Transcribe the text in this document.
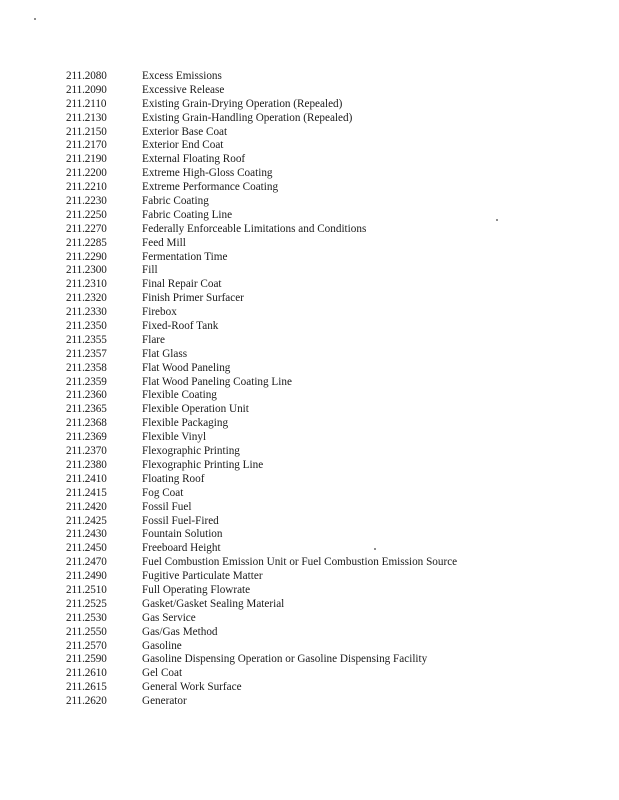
211.2080	Excess Emissions
211.2090	Excessive Release
211.2110	Existing Grain-Drying Operation (Repealed)
211.2130	Existing Grain-Handling Operation (Repealed)
211.2150	Exterior Base Coat
211.2170	Exterior End Coat
211.2190	External Floating Roof
211.2200	Extreme High-Gloss Coating
211.2210	Extreme Performance Coating
211.2230	Fabric Coating
211.2250	Fabric Coating Line
211.2270	Federally Enforceable Limitations and Conditions
211.2285	Feed Mill
211.2290	Fermentation Time
211.2300	Fill
211.2310	Final Repair Coat
211.2320	Finish Primer Surfacer
211.2330	Firebox
211.2350	Fixed-Roof Tank
211.2355	Flare
211.2357	Flat Glass
211.2358	Flat Wood Paneling
211.2359	Flat Wood Paneling Coating Line
211.2360	Flexible Coating
211.2365	Flexible Operation Unit
211.2368	Flexible Packaging
211.2369	Flexible Vinyl
211.2370	Flexographic Printing
211.2380	Flexographic Printing Line
211.2410	Floating Roof
211.2415	Fog Coat
211.2420	Fossil Fuel
211.2425	Fossil Fuel-Fired
211.2430	Fountain Solution
211.2450	Freeboard Height
211.2470	Fuel Combustion Emission Unit or Fuel Combustion Emission Source
211.2490	Fugitive Particulate Matter
211.2510	Full Operating Flowrate
211.2525	Gasket/Gasket Sealing Material
211.2530	Gas Service
211.2550	Gas/Gas Method
211.2570	Gasoline
211.2590	Gasoline Dispensing Operation or Gasoline Dispensing Facility
211.2610	Gel Coat
211.2615	General Work Surface
211.2620	Generator
